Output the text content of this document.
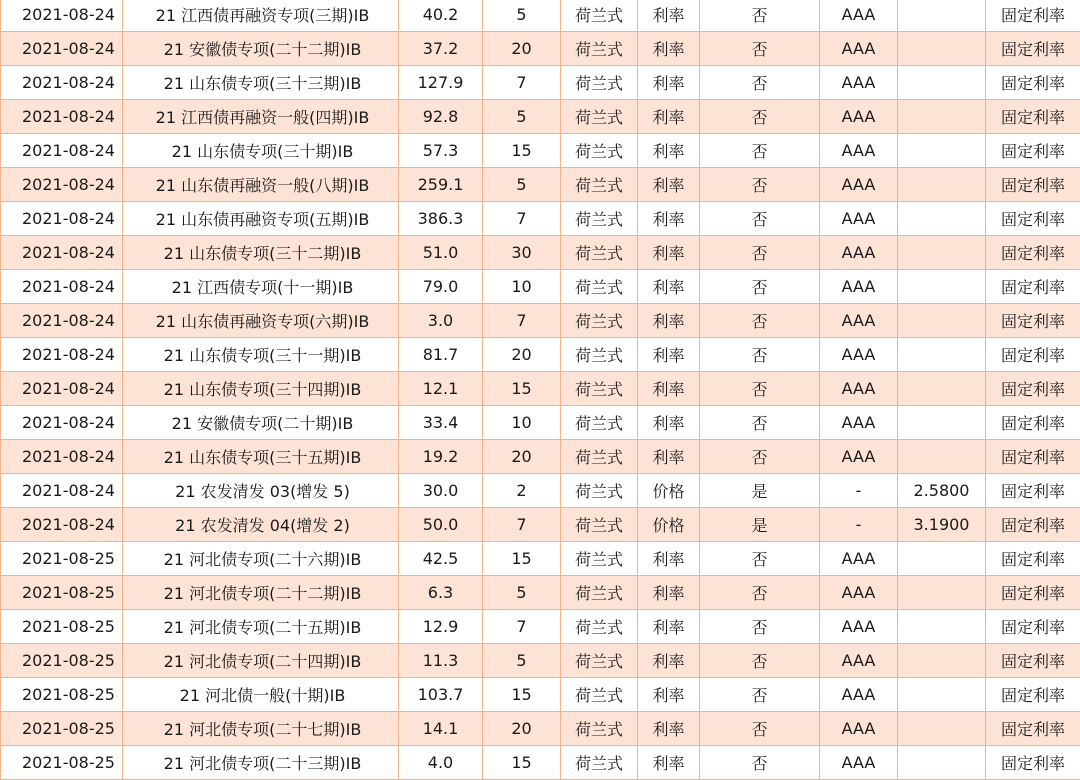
2021-08-24	21 江西债再融资专项(三期)IB	40.2	5	荷兰式	利率	否	AAA		固定利率
2021-08-24	21 安徽债专项(二十二期)IB	37.2	20	荷兰式	利率	否	AAA		固定利率
2021-08-24	21 山东债专项(三十三期)IB	127.9	7	荷兰式	利率	否	AAA		固定利率
2021-08-24	21 江西债再融资一般(四期)IB	92.8	5	荷兰式	利率	否	AAA		固定利率
2021-08-24	21 山东债专项(三十期)IB	57.3	15	荷兰式	利率	否	AAA		固定利率
2021-08-24	21 山东债再融资一般(八期)IB	259.1	5	荷兰式	利率	否	AAA		固定利率
2021-08-24	21 山东债再融资专项(五期)IB	386.3	7	荷兰式	利率	否	AAA		固定利率
2021-08-24	21 山东债专项(三十二期)IB	51.0	30	荷兰式	利率	否	AAA		固定利率
2021-08-24	21 江西债专项(十一期)IB	79.0	10	荷兰式	利率	否	AAA		固定利率
2021-08-24	21 山东债再融资专项(六期)IB	3.0	7	荷兰式	利率	否	AAA		固定利率
2021-08-24	21 山东债专项(三十一期)IB	81.7	20	荷兰式	利率	否	AAA		固定利率
2021-08-24	21 山东债专项(三十四期)IB	12.1	15	荷兰式	利率	否	AAA		固定利率
2021-08-24	21 安徽债专项(二十期)IB	33.4	10	荷兰式	利率	否	AAA		固定利率
2021-08-24	21 山东债专项(三十五期)IB	19.2	20	荷兰式	利率	否	AAA		固定利率
2021-08-24	21 农发清发 03(增发 5)	30.0	2	荷兰式	价格	是	-	2.5800	固定利率
2021-08-24	21 农发清发 04(增发 2)	50.0	7	荷兰式	价格	是	-	3.1900	固定利率
2021-08-25	21 河北债专项(二十六期)IB	42.5	15	荷兰式	利率	否	AAA		固定利率
2021-08-25	21 河北债专项(二十二期)IB	6.3	5	荷兰式	利率	否	AAA		固定利率
2021-08-25	21 河北债专项(二十五期)IB	12.9	7	荷兰式	利率	否	AAA		固定利率
2021-08-25	21 河北债专项(二十四期)IB	11.3	5	荷兰式	利率	否	AAA		固定利率
2021-08-25	21 河北债一般(十期)IB	103.7	15	荷兰式	利率	否	AAA		固定利率
2021-08-25	21 河北债专项(二十七期)IB	14.1	20	荷兰式	利率	否	AAA		固定利率
2021-08-25	21 河北债专项(二十三期)IB	4.0	15	荷兰式	利率	否	AAA		固定利率
